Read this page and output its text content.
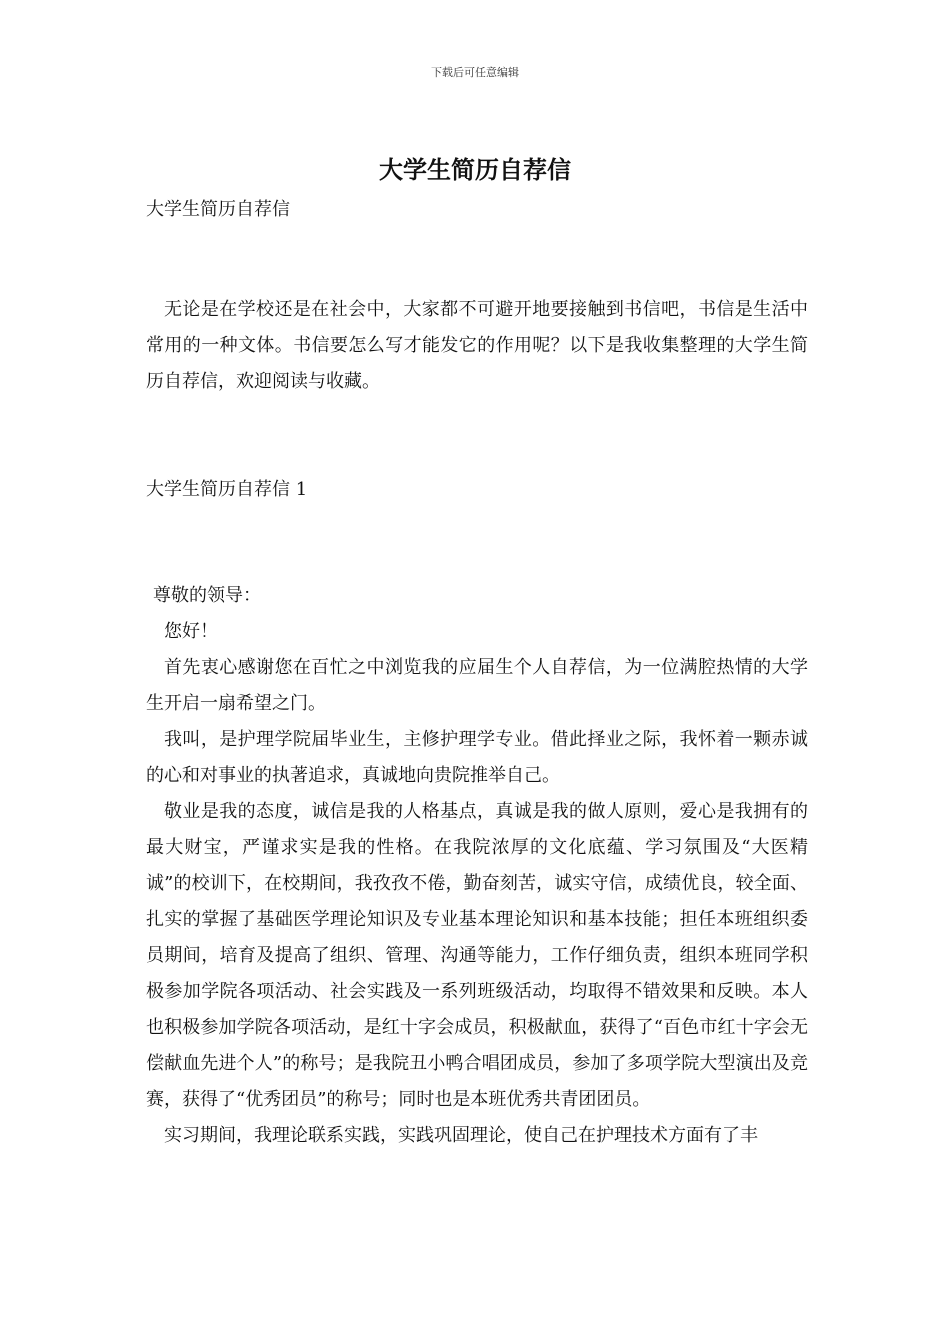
下载后可任意编辑
大学生简历自荐信

大学生简历自荐信

无论是在学校还是在社会中，大家都不可避开地要接触到书信吧，书信是生活中常用的一种文体。书信要怎么写才能发它的作用呢？以下是我收集整理的大学生简历自荐信，欢迎阅读与收藏。

大学生简历自荐信 1

尊敬的领导：

您好！

首先衷心感谢您在百忙之中浏览我的应届生个人自荐信，为一位满腔热情的大学生开启一扇希望之门。

我叫，是护理学院届毕业生，主修护理学专业。借此择业之际，我怀着一颗赤诚的心和对事业的执著追求，真诚地向贵院推举自己。

敬业是我的态度，诚信是我的人格基点，真诚是我的做人原则，爱心是我拥有的最大财宝，严谨求实是我的性格。在我院浓厚的文化底蕴、学习氛围及“大医精诚”的校训下，在校期间，我孜孜不倦，勤奋刻苦，诚实守信，成绩优良，较全面、扎实的掌握了基础医学理论知识及专业基本理论知识和基本技能；担任本班组织委员期间，培育及提高了组织、管理、沟通等能力，工作仔细负责，组织本班同学积极参加学院各项活动、社会实践及一系列班级活动，均取得不错效果和反映。本人也积极参加学院各项活动，是红十字会成员，积极献血，获得了“百色市红十字会无偿献血先进个人”的称号；是我院丑小鸭合唱团成员，参加了多项学院大型演出及竞赛，获得了“优秀团员”的称号；同时也是本班优秀共青团团员。

实习期间，我理论联系实践，实践巩固理论，使自己在护理技术方面有了丰
